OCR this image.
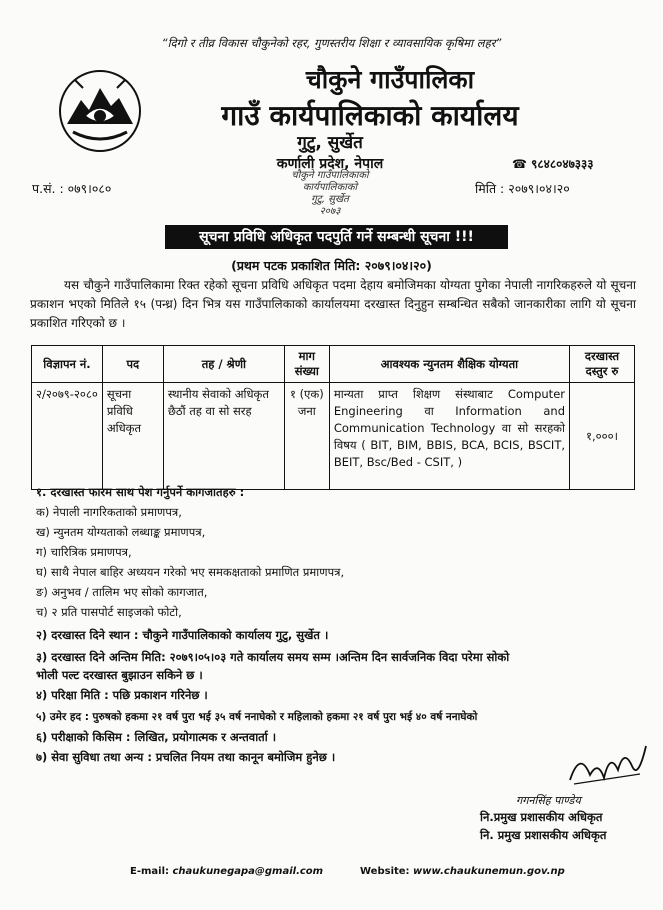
“दिगो र तीव्र विकास चौकुनेको रहर, गुणस्तरीय शिक्षा र व्यावसायिक कृषिमा लहर”
चौकुने गाउँपालिका
गाउँ कार्यपालिकाको कार्यालय
गुटु, सुर्खेत
कर्णाली प्रदेश, नेपाल	☎ ९८४८०४७३३३
प.सं. : ०७९।०८०	मिति : २०७९।०४।२०
चौकुने गाउँपालिकाको
कार्यपालिकाको
गुटु, सुर्खेत
२०७३
सूचना प्रविधि अधिकृत पदपुर्ति गर्ने सम्बन्धी सूचना !!!
(प्रथम पटक प्रकाशित मिति: २०७९।०४।२०)
यस चौकुने गाउँपालिकामा रिक्त रहेको सूचना प्रविधि अधिकृत पदमा देहाय बमोजिमका योग्यता पुगेका नेपाली नागरिकहरुले यो सूचना प्रकाशन भएको मितिले १५ (पन्ध्र) दिन भित्र यस गाउँपालिकाको कार्यालयमा दरखास्त दिनुहुन सम्बन्धित सबैको जानकारीका लागि यो सूचना प्रकाशित गरिएको छ ।
विज्ञापन नं.	पद	तह / श्रेणी	माग संख्या	आवश्यक न्युनतम शैक्षिक योग्यता	दरखास्त दस्तुर रु
२/२०७९-२०८०	सूचना प्रविधि अधिकृत	स्थानीय सेवाको अधिकृत छैठौं तह वा सो सरह	१ (एक) जना	मान्यता प्राप्त शिक्षण संस्थाबाट Computer Engineering वा Information and Communication Technology वा सो सरहको विषय ( BIT, BIM, BBIS, BCA, BCIS, BSCIT, BEIT, Bsc/Bed - CSIT, )	१,०००।
१. दरखास्त फारम साथ पेश गर्नुपर्ने कागजातहरु :
क) नेपाली नागरिकताको प्रमाणपत्र,
ख) न्युनतम योग्यताको लब्धाङ्क प्रमाणपत्र,
ग) चारित्रिक प्रमाणपत्र,
घ) साथै नेपाल बाहिर अध्ययन गरेको भए समकक्षताको प्रमाणित प्रमाणपत्र,
ङ) अनुभव / तालिम भए सोको कागजात,
च) २ प्रति पासपोर्ट साइजको फोटो,
२) दरखास्त दिने स्थान : चौकुने गाउँपालिकाको कार्यालय गुटु, सुर्खेत ।
३) दरखास्त दिने अन्तिम मिति: २०७९।०५।०३ गते कार्यालय समय सम्म ।अन्तिम दिन सार्वजनिक विदा परेमा सोको
भोली पल्ट दरखास्त बुझाउन सकिने छ ।
४) परिक्षा मिति : पछि प्रकाशन गरिनेछ ।
५) उमेर हद : पुरुषको हकमा २१ वर्ष पुरा भई ३५ वर्ष ननाघेको र महिलाको हकमा २१ वर्ष पुरा भई ४० वर्ष ननाघेको
६) परीक्षाको किसिम : लिखित, प्रयोगात्मक र अन्तवार्ता ।
७) सेवा सुविधा तथा अन्य : प्रचलित नियम तथा कानून बमोजिम हुनेछ ।
गगनसिंह पाण्डेय
नि.प्रमुख प्रशासकीय अधिकृत
नि. प्रमुख प्रशासकीय अधिकृत
E-mail: chaukunegapa@gmail.com	Website: www.chaukunemun.gov.np
